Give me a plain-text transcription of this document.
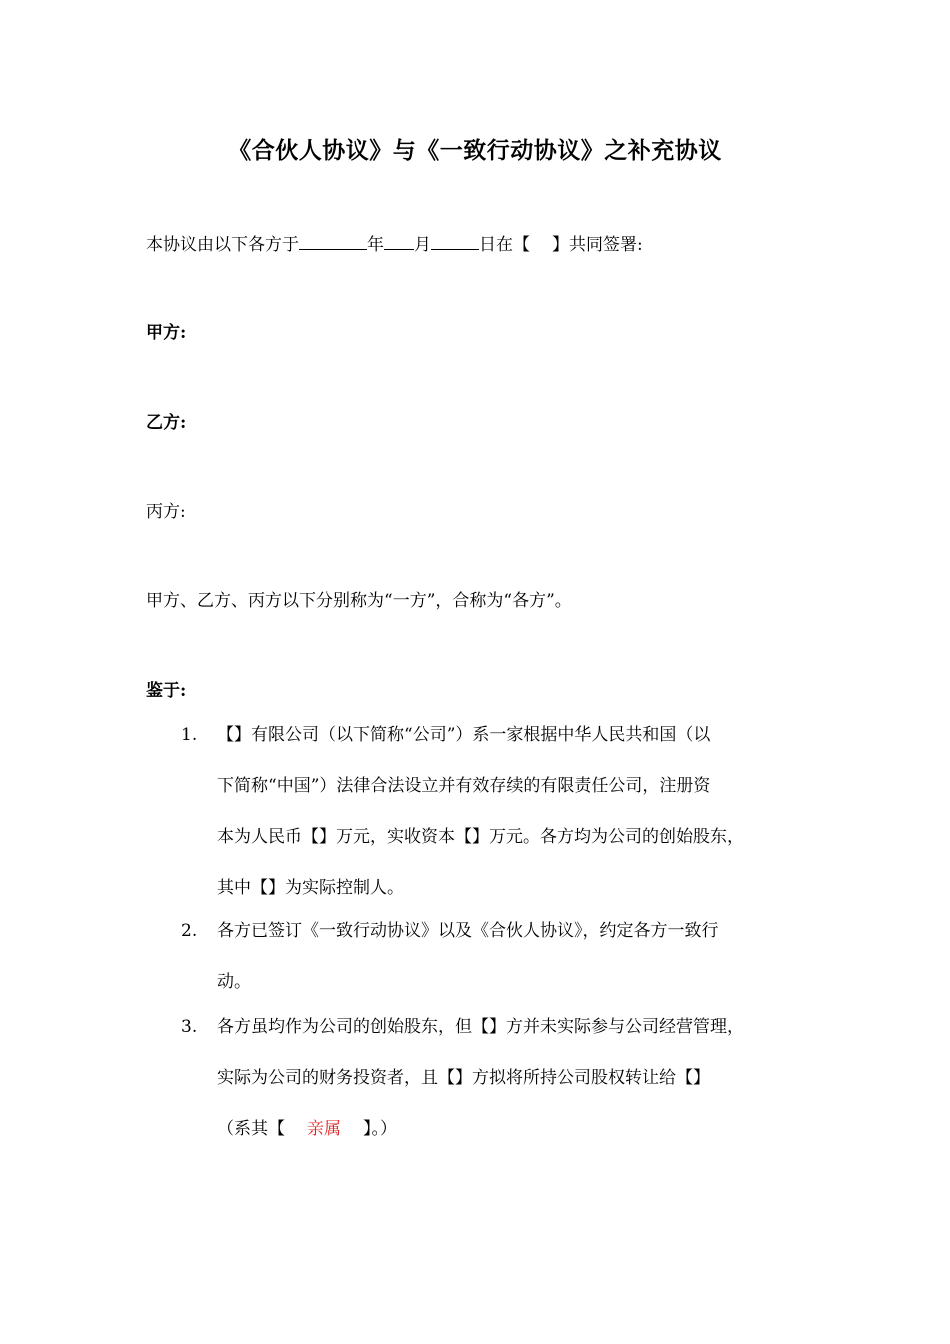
《合伙人协议》与《一致行动协议》之补充协议
本协议由以下各方于	年 月	日在【 】共同签署:
甲方:
乙方:
丙方:
甲方、乙方、丙方以下分别称为“一方”，合称为“各方”。
鉴于:
1. 【】有限公司（以下简称“公司”）系一家根据中华人民共和国（以
下简称“中国”）法律合法设立并有效存续的有限责任公司，注册资
本为人民币【】万元，实收资本【】万元。各方均为公司的创始股东，
其中【】为实际控制人。
2. 各方已签订《一致行动协议》以及《合伙人协议》，约定各方一致行
动。
3. 各方虽均作为公司的创始股东，但【】方并未实际参与公司经营管理，
实际为公司的财务投资者，且【】方拟将所持公司股权转让给【】
（系其【 亲属 】。）
